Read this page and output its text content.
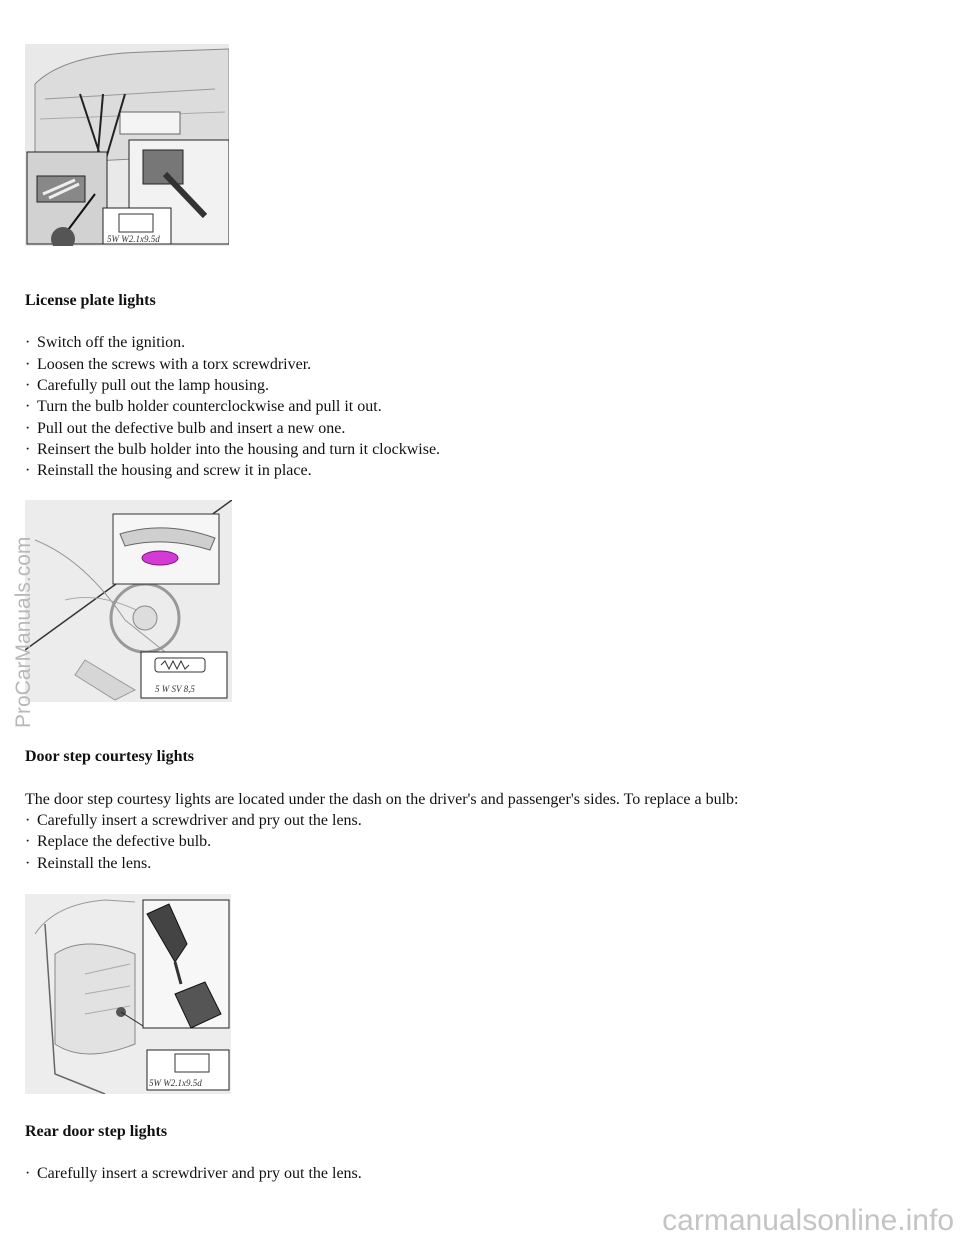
5W W2.1x9.5d
License plate lights
· Switch off the ignition.
· Loosen the screws with a torx screwdriver.
· Carefully pull out the lamp housing.
· Turn the bulb holder counterclockwise and pull it out.
· Pull out the defective bulb and insert a new one.
· Reinsert the bulb holder into the housing and turn it clockwise.
· Reinstall the housing and screw it in place.
5 W SV 8,5
Door step courtesy lights
The door step courtesy lights are located under the dash on the driver's and passenger's sides. To replace a bulb:
· Carefully insert a screwdriver and pry out the lens.
· Replace the defective bulb.
· Reinstall the lens.
5W W2.1x9.5d
Rear door step lights
· Carefully insert a screwdriver and pry out the lens.
ProCarManuals.com
carmanualsonline.info
